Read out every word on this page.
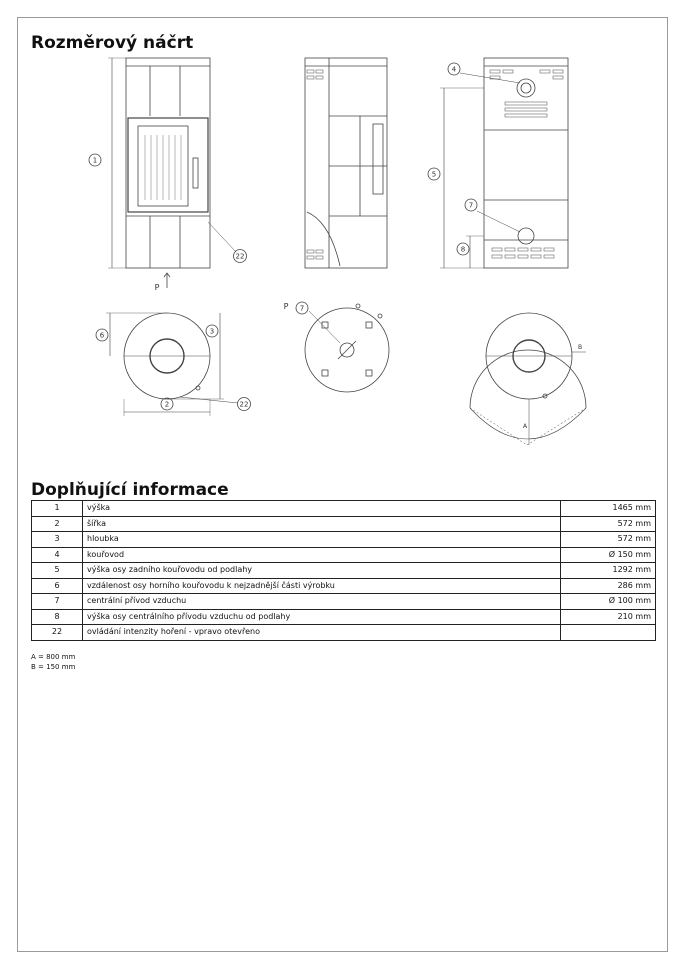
Rozměrový náčrt
1
22
P
4
5
7
8
6	3
2	22
P 7
B
A
Doplňující informace
1	výška	1465 mm
2	šířka	572 mm
3	hloubka	572 mm
4	kouřovod	Ø 150 mm
5	výška osy zadního kouřovodu od podlahy	1292 mm
6	vzdálenost osy horního kouřovodu k nejzadnější části výrobku	286 mm
7	centrální přívod vzduchu	Ø 100 mm
8	výška osy centrálního přívodu vzduchu od podlahy	210 mm
22	ovládání intenzity hoření - vpravo otevřeno	
A = 800 mm
B = 150 mm
